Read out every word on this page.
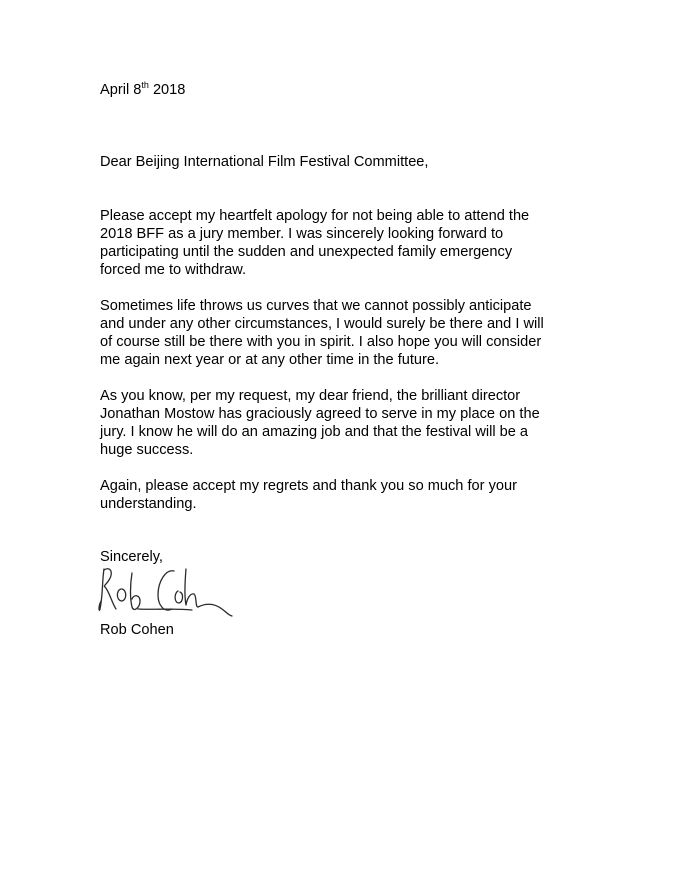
April 8th 2018

Dear Beijing International Film Festival Committee,

Please accept my heartfelt apology for not being able to attend the

2018 BFF as a jury member. I was sincerely looking forward to

participating until the sudden and unexpected family emergency

forced me to withdraw.

Sometimes life throws us curves that we cannot possibly anticipate

and under any other circumstances, I would surely be there and I will

of course still be there with you in spirit. I also hope you will consider

me again next year or at any other time in the future.

As you know, per my request, my dear friend, the brilliant director

Jonathan Mostow has graciously agreed to serve in my place on the

jury. I know he will do an amazing job and that the festival will be a

huge success.

Again, please accept my regrets and thank you so much for your

understanding.

Sincerely,

Rob Cohen
